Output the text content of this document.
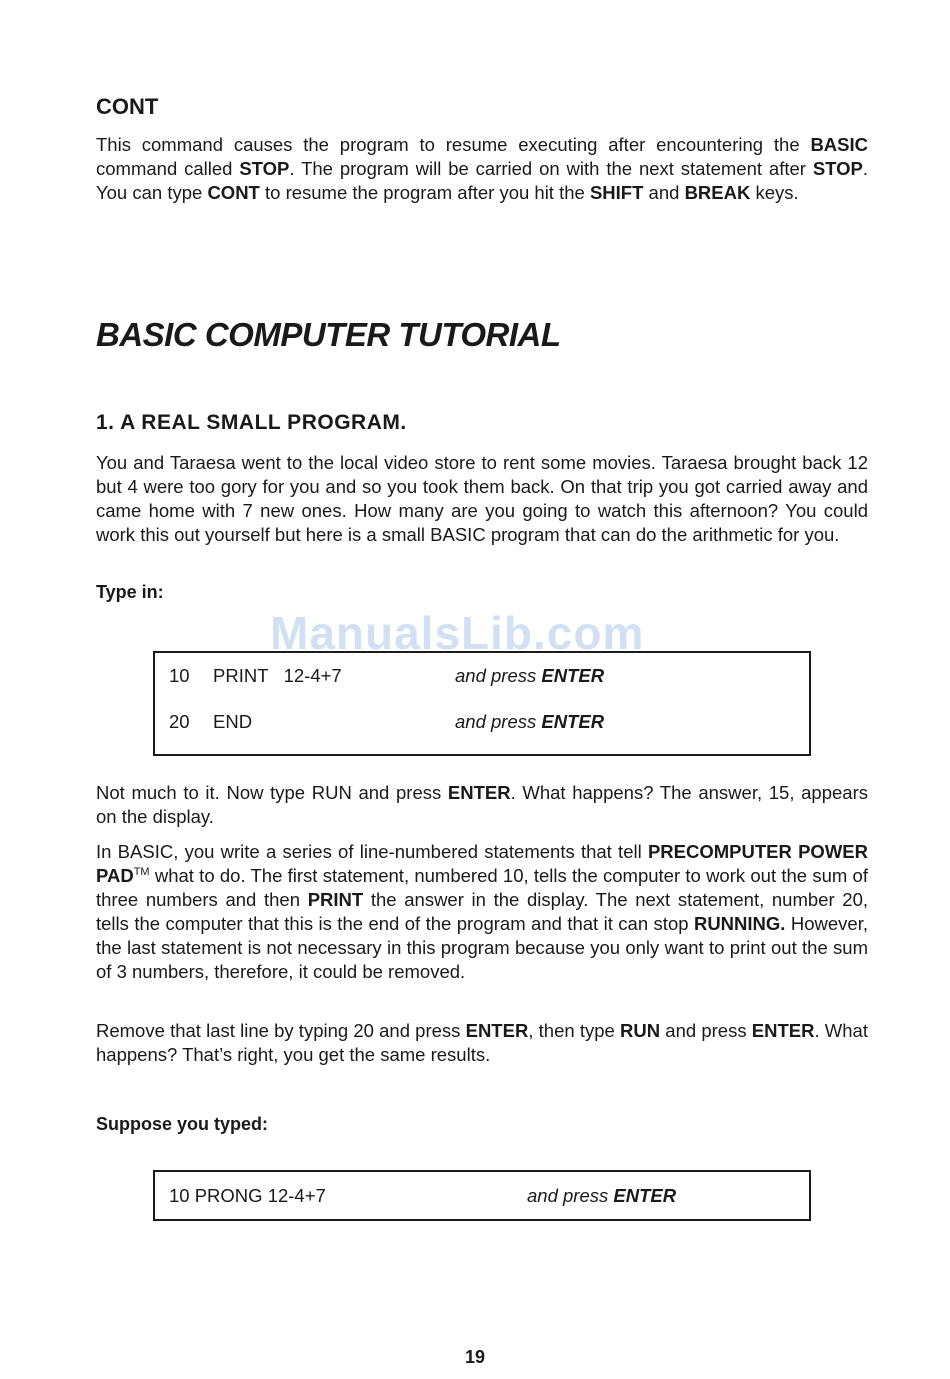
CONT

This command causes the program to resume executing after encountering the BASIC command called STOP. The program will be carried on with the next statement after STOP. You can type CONT to resume the program after you hit the SHIFT and BREAK keys.

BASIC COMPUTER TUTORIAL
1. A REAL SMALL PROGRAM.

You and Taraesa went to the local video store to rent some movies. Taraesa brought back 12 but 4 were too gory for you and so you took them back. On that trip you got carried away and came home with 7 new ones. How many are you going to watch this afternoon? You could work this out yourself but here is a small BASIC program that can do the arithmetic for you.

Type in:
ManualsLib.com
10 PRINT   12-4+7	and press ENTER
20 END	and press ENTER

Not much to it. Now type RUN and press ENTER. What happens? The answer, 15, appears on the display.

In BASIC, you write a series of line-numbered statements that tell PRECOMPUTER POWER PAD™ what to do. The first statement, numbered 10, tells the computer to work out the sum of three numbers and then PRINT the answer in the display. The next statement, number 20, tells the computer that this is the end of the program and that it can stop RUNNING. However, the last statement is not necessary in this program because you only want to print out the sum of 3 numbers, therefore, it could be removed.

Remove that last line by typing 20 and press ENTER, then type RUN and press ENTER. What happens? That’s right, you get the same results.

Suppose you typed:
10 PRONG 12-4+7	and press ENTER
19
